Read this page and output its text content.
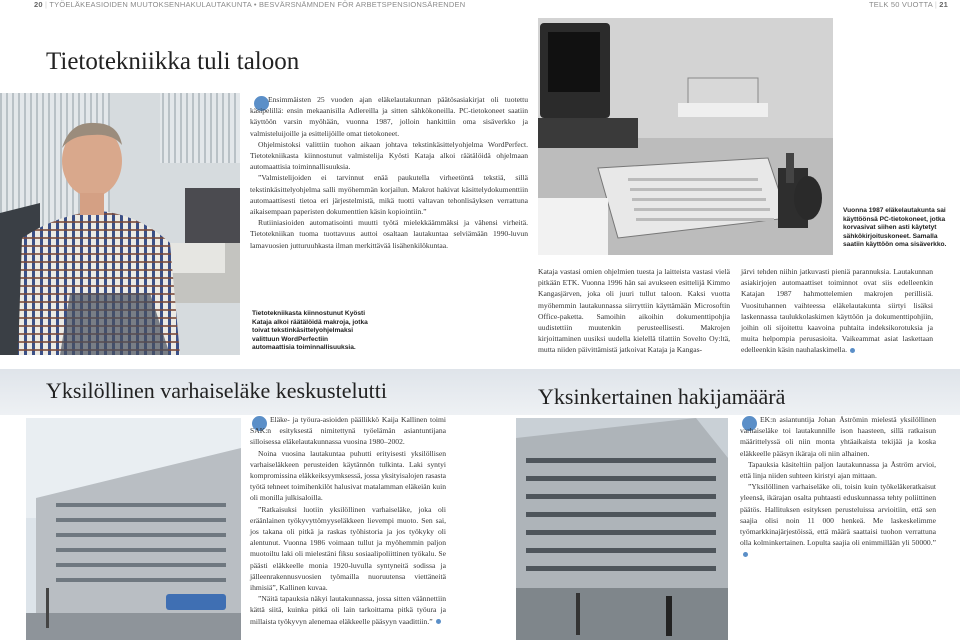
20 | TYÖELÄKEASIOIDEN MUUTOKSENHAKULAUTAKUNTA • BESVÄRSNÄMNDEN FÖR ARBETSPENSIONSÄRENDEN	TELK 50 VUOTTA | 21
Tietotekniikka tuli taloon

Ensimmäisten 25 vuoden ajan eläkelautakunnan päätösasiakirjat oli tuotettu käsipelillä: ensin mekaanisilla Adlereilla ja sitten sähkökoneilla. PC-tietokoneet saatiin käyttöön varsin myöhään, vuonna 1987, jolloin hankittiin oma sisäverkko ja valmisteluijoille ja esittelijöille omat tietokoneet.

Ohjelmistoksi valittiin tuohon aikaan johtava tekstinkäsittelyohjelma WordPerfect. Tietotekniikasta kiinnostunut valmistelija Kyösti Kataja alkoi räätälöidä ohjelmaan automaattisia toiminnallisuuksia.

”Valmistelijoiden ei tarvinnut enää paukutella virheetöntä tekstiä, sillä tekstinkäsittelyohjelma salli myöhemmän korjailun. Makrot hakivat käsittelydokumenttiin automaattisesti tietoa eri järjestelmistä, mikä tuotti valtavan tehonlisäyksen verrattuna aikaisempaan paperisten dokumenttien käsin kopiointiin.”

Rutiiniasioiden automatisointi muutti työtä mielekkäämmäksi ja vähensi virheitä. Tietotekniikan tuoma tuottavuus auttoi osaltaan lautakuntaa selviämään 1990-luvun lamavuosien jutturuuhkasta ilman merkittävää lisähenkilökuntaa.

Tietotekniikasta kiinnostunut Kyösti Kataja alkoi räätälöidä makroja, jotka toivat tekstinkäsittelyohjelmaksi valittuun WordPerfectiin automaattisia toiminnallisuuksia.
Vuonna 1987 eläkelautakunta sai käyttöönsä PC-tietokoneet, jotka korvasivat siihen asti käytetyt sähkökirjoituskoneet. Samalla saatiin käyttöön oma sisäverkko.

Kataja vastasi omien ohjelmien tuesta ja laitteista vastasi vielä pitkään ETK. Vuonna 1996 hän sai avukseen esittelijä Kimmo Kangasjärven, joka oli juuri tullut taloon. Kaksi vuotta myöhemmin lautakunnassa siirryttiin käyttämään Microsoftin Office-paketta. Samoihin aikoihin dokumenttipohjia uudistettiin muutenkin perusteellisesti. Makrojen kirjoittaminen uusiksi uudella kielellä tilattiin Sovelto Oy:ltä, mutta niiden päivittämistä jatkoivat Kataja ja Kangas-

järvi tehden niihin jatkuvasti pieniä parannuksia. Lautakunnan asiakirjojen automaattiset toiminnot ovat siis edelleenkin Katajan 1987 hahmottelemien makrojen perillisiä. Vuosituhannen vaihteessa eläkelautakunta siirtyi lisäksi laskennassa taulukkolaskimen käyttöön ja dokumenttipohjiin, joihin oli sijoitettu kaavoina puhtaita indeksikorotuksia ja muita helpompia perusasioita. Vaikeammat asiat laskettaan edelleenkin käsin nauhalaskimella.

Yksilöllinen varhaiseläke keskustelutti

Eläke- ja työura-asioiden päällikkö Kaija Kallinen toimi SAK:n esityksestä nimitettynä työelämän asiantuntijana silloisessa eläkelautakunnassa vuosina 1980–2002.

Noina vuosina lautakuntaa puhutti erityisesti yksilöllisen varhaiseläkkeen perusteiden käytännön tulkinta. Laki syntyi kompromissina eläkkeiksyymksessä, jossa yksityisalojen rasasta työtä tehneet toimihenkilöt halusivat matalamman eläkeiän kuin oli monilla julkisaloilla.

”Ratkaisuksi luotiin yksilöllinen varhaiseläke, joka oli eräänlainen työkyvyttömyyseläkkeen lievempi muoto. Sen sai, jos takana oli pitkä ja raskas työhistoria ja jos työkyky oli alentunut. Vuonna 1986 voimaan tullut ja myöhemmin paljon muotoiltu laki oli mielestäni fiksu sosiaalipoliittinen työkalu. Se päästi eläkkeelle monia 1920-luvulla syntyneitä sodissa ja jälleenrakennusvuosien työmailla nuoruutensa viettäneitä ihmisiä”, Kallinen kuvaa.

”Näitä tapauksia näkyi lautakunnassa, jossa sitten väännettiin kättä siitä, kuinka pitkä oli lain tarkoittama pitkä työura ja millaista työkyvyn alenemaa eläkkeelle pääsyyn vaadittiin.”

Yksinkertainen hakijamäärä

EK:n asiantuntija Johan Åströmin mielestä yksilöllinen varhaiseläke toi lautakunnille ison haasteen, sillä ratkaisun määrittelyssä oli niin monta yhtäaikaista tekijää ja koska eläkkeelle pääsyn ikäraja oli niin alhainen.

Tapauksia käsiteltiin paljon lautakunnassa ja Åström arvioi, että linja niiden suhteen kiristyi ajan mittaan.

”Yksilöllinen varhaiseläke oli, toisin kuin työkeläkeratkaisut yleensä, ikärajan osalta puhtaasti eduskunnassa tehty poliittinen päätös. Hallituksen esityksen perusteluissa arvioitiin, että sen saajia olisi noin 11 000 henkeä. Me laskeskelimme työmarkkinajärjestöissä, että määrä saattaisi tuohon verrattuna olla kolminkertainen. Lopulta saajia oli enimmillään yli 50000.”
